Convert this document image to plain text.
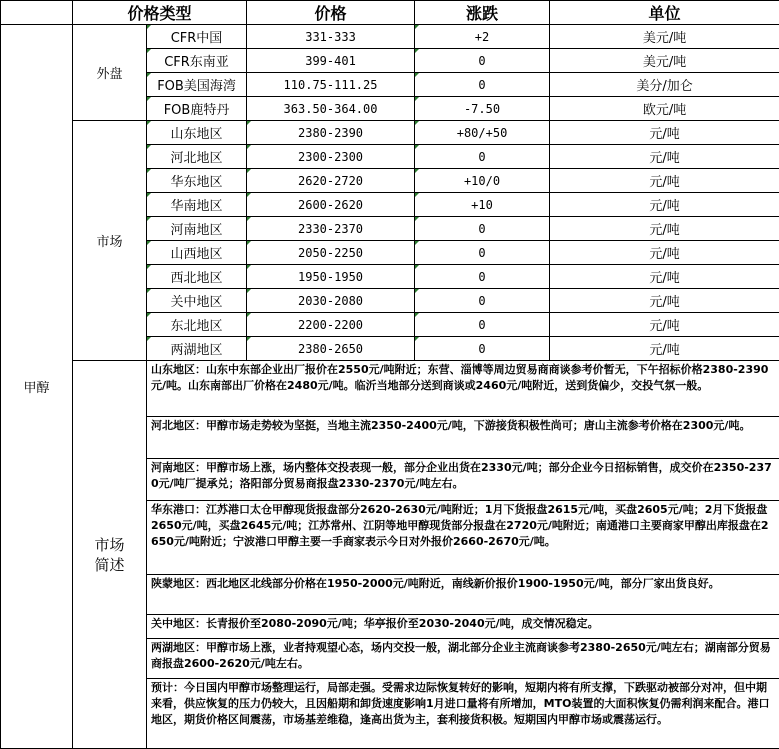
	价格类型		价格	涨跌	单位
甲醇	外盘	CFR中国	331-333	+2	美元/吨
		CFR东南亚	399-401	0	美元/吨
		FOB美国海湾	110.75-111.25	0	美分/加仑
		FOB鹿特丹	363.50-364.00	-7.50	欧元/吨
	市场	山东地区	2380-2390	+80/+50	元/吨
		河北地区	2300-2300	0	元/吨
		华东地区	2620-2720	+10/0	元/吨
		华南地区	2600-2620	+10	元/吨
		河南地区	2330-2370	0	元/吨
		山西地区	2050-2250	0	元/吨
		西北地区	1950-1950	0	元/吨
		关中地区	2030-2080	0	元/吨
		东北地区	2200-2200	0	元/吨
		两湖地区	2380-2650	0	元/吨
	市场
简述	山东地区：山东中东部企业出厂报价在2550元/吨附近；东营、淄博等周边贸易商商谈参考价暂无，下午招标价格2380-2390元/吨。山东南部出厂价格在2480元/吨。临沂当地部分送到商谈或2460元/吨附近，送到货偏少，交投气氛一般。			
		河北地区：甲醇市场走势较为坚挺，当地主流2350-2400元/吨，下游接货积极性尚可；唐山主流参考价格在2300元/吨。			
		河南地区：甲醇市场上涨，场内整体交投表现一般，部分企业出货在2330元/吨；部分企业今日招标销售，成交价在2350-2370元/吨厂提承兑；洛阳部分贸易商报盘2330-2370元/吨左右。			
		华东港口：江苏港口太仓甲醇现货报盘部分2620-2630元/吨附近；1月下货报盘2615元/吨，买盘2605元/吨；2月下货报盘2650元/吨，买盘2645元/吨；江苏常州、江阴等地甲醇现货部分报盘在2720元/吨附近；南通港口主要商家甲醇出库报盘在2650元/吨附近；宁波港口甲醇主要一手商家表示今日对外报价2660-2670元/吨。			
		陕蒙地区：西北地区北线部分价格在1950-2000元/吨附近，南线新价报价1900-1950元/吨，部分厂家出货良好。			
		关中地区：长青报价至2080-2090元/吨；华亭报价至2030-2040元/吨，成交情况稳定。			
		两湖地区：甲醇市场上涨，业者持观望心态，场内交投一般，湖北部分企业主流商谈参考2380-2650元/吨左右；湖南部分贸易商报盘2600-2620元/吨左右。			
		预计：今日国内甲醇市场整理运行，局部走强。受需求边际恢复转好的影响，短期内将有所支撑，下跌驱动被部分对冲，但中期来看，供应恢复的压力仍较大，且因船期和卸货速度影响1月进口量将有所增加，MTO装置的大面积恢复仍需利润来配合。港口地区，期货价格区间震荡，市场基差维稳，逢高出货为主，套利接货积极。短期国内甲醇市场或震荡运行。			
